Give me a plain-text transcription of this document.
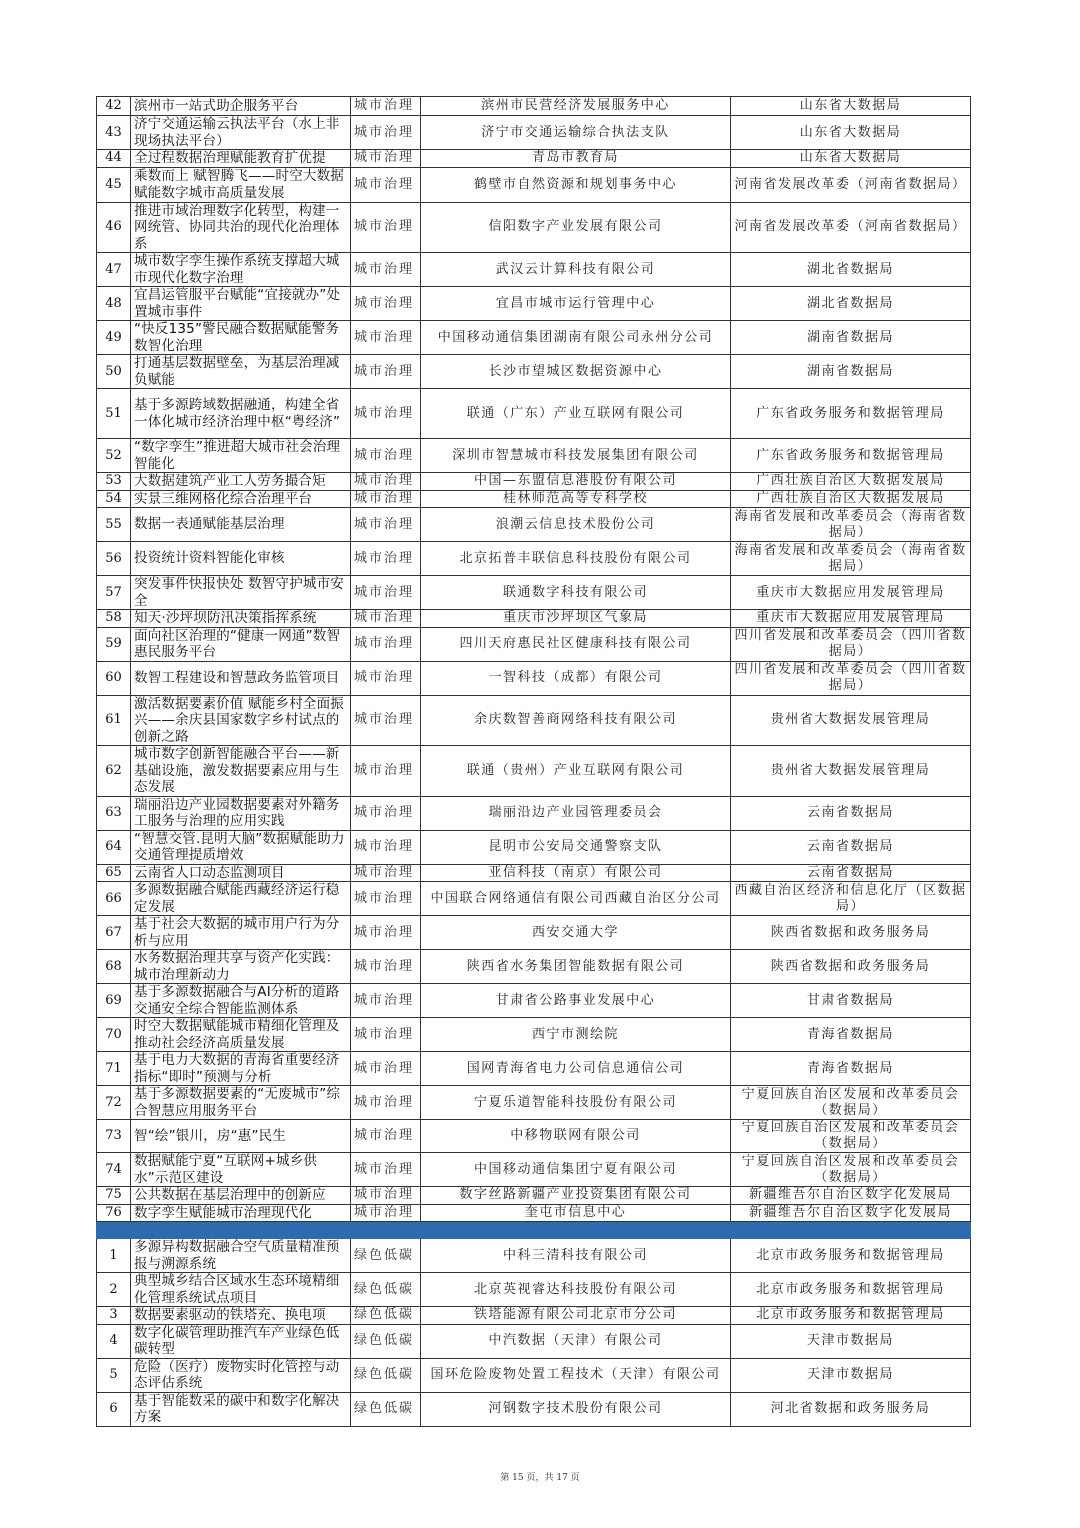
42	滨州市一站式助企服务平台	城市治理	滨州市民营经济发展服务中心	山东省大数据局
43	济宁交通运输云执法平台（水上非现场执法平台）	城市治理	济宁市交通运输综合执法支队	山东省大数据局
44	全过程数据治理赋能教育扩优提	城市治理	青岛市教育局	山东省大数据局
45	乘数而上 赋智腾飞——时空大数据赋能数字城市高质量发展	城市治理	鹤壁市自然资源和规划事务中心	河南省发展改革委（河南省数据局）
46	推进市域治理数字化转型，构建一网统管、协同共治的现代化治理体系	城市治理	信阳数字产业发展有限公司	河南省发展改革委（河南省数据局）
47	城市数字孪生操作系统支撑超大城市现代化数字治理	城市治理	武汉云计算科技有限公司	湖北省数据局
48	宜昌运管服平台赋能“宜接就办”处置城市事件	城市治理	宜昌市城市运行管理中心	湖北省数据局
49	“快反135”警民融合数据赋能警务数智化治理	城市治理	中国移动通信集团湖南有限公司永州分公司	湖南省数据局
50	打通基层数据壁垒，为基层治理减负赋能	城市治理	长沙市望城区数据资源中心	湖南省数据局
51	基于多源跨域数据融通，构建全省一体化城市经济治理中枢“粤经济”	城市治理	联通（广东）产业互联网有限公司	广东省政务服务和数据管理局
52	“数字孪生”推进超大城市社会治理智能化	城市治理	深圳市智慧城市科技发展集团有限公司	广东省政务服务和数据管理局
53	大数据建筑产业工人劳务撮合矩	城市治理	中国—东盟信息港股份有限公司	广西壮族自治区大数据发展局
54	实景三维网格化综合治理平台	城市治理	桂林师范高等专科学校	广西壮族自治区大数据发展局
55	数据一表通赋能基层治理	城市治理	浪潮云信息技术股份公司	海南省发展和改革委员会（海南省数据局）
56	投资统计资料智能化审核	城市治理	北京拓普丰联信息科技股份有限公司	海南省发展和改革委员会（海南省数据局）
57	突发事件快报快处 数智守护城市安全	城市治理	联通数字科技有限公司	重庆市大数据应用发展管理局
58	知天·沙坪坝防汛决策指挥系统	城市治理	重庆市沙坪坝区气象局	重庆市大数据应用发展管理局
59	面向社区治理的“健康一网通”数智惠民服务平台	城市治理	四川天府惠民社区健康科技有限公司	四川省发展和改革委员会（四川省数据局）
60	数智工程建设和智慧政务监管项目	城市治理	一智科技（成都）有限公司	四川省发展和改革委员会（四川省数据局）
61	激活数据要素价值 赋能乡村全面振兴——余庆县国家数字乡村试点的创新之路	城市治理	余庆数智善商网络科技有限公司	贵州省大数据发展管理局
62	城市数字创新智能融合平台——新基础设施，激发数据要素应用与生态发展	城市治理	联通（贵州）产业互联网有限公司	贵州省大数据发展管理局
63	瑞丽沿边产业园数据要素对外籍务工服务与治理的应用实践	城市治理	瑞丽沿边产业园管理委员会	云南省数据局
64	“智慧交管.昆明大脑”数据赋能助力交通管理提质增效	城市治理	昆明市公安局交通警察支队	云南省数据局
65	云南省人口动态监测项目	城市治理	亚信科技（南京）有限公司	云南省数据局
66	多源数据融合赋能西藏经济运行稳定发展	城市治理	中国联合网络通信有限公司西藏自治区分公司	西藏自治区经济和信息化厅（区数据局）
67	基于社会大数据的城市用户行为分析与应用	城市治理	西安交通大学	陕西省数据和政务服务局
68	水务数据治理共享与资产化实践：城市治理新动力	城市治理	陕西省水务集团智能数据有限公司	陕西省数据和政务服务局
69	基于多源数据融合与AI分析的道路交通安全综合智能监测体系	城市治理	甘肃省公路事业发展中心	甘肃省数据局
70	时空大数据赋能城市精细化管理及推动社会经济高质量发展	城市治理	西宁市测绘院	青海省数据局
71	基于电力大数据的青海省重要经济指标“即时”预测与分析	城市治理	国网青海省电力公司信息通信公司	青海省数据局
72	基于多源数据要素的“无废城市”综合智慧应用服务平台	城市治理	宁夏乐道智能科技股份有限公司	宁夏回族自治区发展和改革委员会（数据局）
73	智“绘”银川，房“惠”民生	城市治理	中移物联网有限公司	宁夏回族自治区发展和改革委员会（数据局）
74	数据赋能宁夏“互联网+城乡供水”示范区建设	城市治理	中国移动通信集团宁夏有限公司	宁夏回族自治区发展和改革委员会（数据局）
75	公共数据在基层治理中的创新应	城市治理	数字丝路新疆产业投资集团有限公司	新疆维吾尔自治区数字化发展局
76	数字孪生赋能城市治理现代化	城市治理	奎屯市信息中心	新疆维吾尔自治区数字化发展局

1	多源异构数据融合空气质量精准预报与溯源系统	绿色低碳	中科三清科技有限公司	北京市政务服务和数据管理局
2	典型城乡结合区域水生态环境精细化管理系统试点项目	绿色低碳	北京英视睿达科技股份有限公司	北京市政务服务和数据管理局
3	数据要素驱动的铁塔充、换电项	绿色低碳	铁塔能源有限公司北京市分公司	北京市政务服务和数据管理局
4	数字化碳管理助推汽车产业绿色低碳转型	绿色低碳	中汽数据（天津）有限公司	天津市数据局
5	危险（医疗）废物实时化管控与动态评估系统	绿色低碳	国环危险废物处置工程技术（天津）有限公司	天津市数据局
6	基于智能数采的碳中和数字化解决方案	绿色低碳	河钢数字技术股份有限公司	河北省数据和政务服务局
第 15 页，共 17 页
